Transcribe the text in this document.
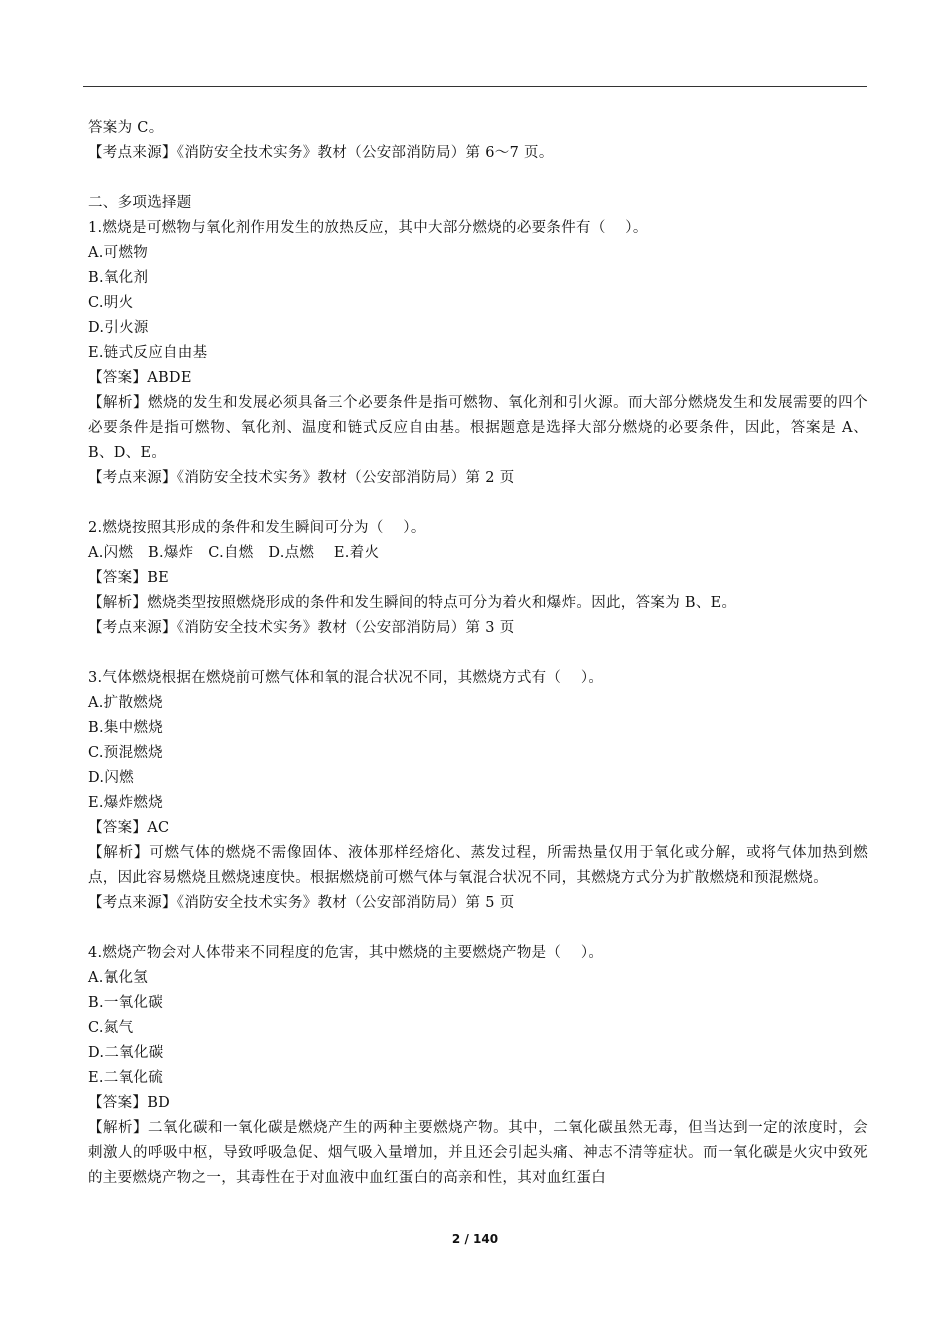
答案为 C。
【考点来源】《消防安全技术实务》教材（公安部消防局）第 6～7 页。
二、多项选择题
1.燃烧是可燃物与氧化剂作用发生的放热反应，其中大部分燃烧的必要条件有（    ）。
A.可燃物
B.氧化剂
C.明火
D.引火源
E.链式反应自由基
【答案】ABDE
【解析】燃烧的发生和发展必须具备三个必要条件是指可燃物、氧化剂和引火源。而大部分燃烧发生和发展需要的四个必要条件是指可燃物、氧化剂、温度和链式反应自由基。根据题意是选择大部分燃烧的必要条件，因此，答案是 A、B、D、E。
【考点来源】《消防安全技术实务》教材（公安部消防局）第 2 页
2.燃烧按照其形成的条件和发生瞬间可分为（    ）。
A.闪燃   B.爆炸   C.自燃   D.点燃    E.着火
【答案】BE
【解析】燃烧类型按照燃烧形成的条件和发生瞬间的特点可分为着火和爆炸。因此，答案为 B、E。
【考点来源】《消防安全技术实务》教材（公安部消防局）第 3 页
3.气体燃烧根据在燃烧前可燃气体和氧的混合状况不同，其燃烧方式有（    ）。
A.扩散燃烧
B.集中燃烧
C.预混燃烧
D.闪燃
E.爆炸燃烧
【答案】AC
【解析】可燃气体的燃烧不需像固体、液体那样经熔化、蒸发过程，所需热量仅用于氧化或分解，或将气体加热到燃点，因此容易燃烧且燃烧速度快。根据燃烧前可燃气体与氧混合状况不同，其燃烧方式分为扩散燃烧和预混燃烧。
【考点来源】《消防安全技术实务》教材（公安部消防局）第 5 页
4.燃烧产物会对人体带来不同程度的危害，其中燃烧的主要燃烧产物是（    ）。
A.氰化氢
B.一氧化碳
C.氮气
D.二氧化碳
E.二氧化硫
【答案】BD
【解析】二氧化碳和一氧化碳是燃烧产生的两种主要燃烧产物。其中，二氧化碳虽然无毒，但当达到一定的浓度时，会刺激人的呼吸中枢，导致呼吸急促、烟气吸入量增加，并且还会引起头痛、神志不清等症状。而一氧化碳是火灾中致死的主要燃烧产物之一，其毒性在于对血液中血红蛋白的高亲和性，其对血红蛋白
2 / 140
